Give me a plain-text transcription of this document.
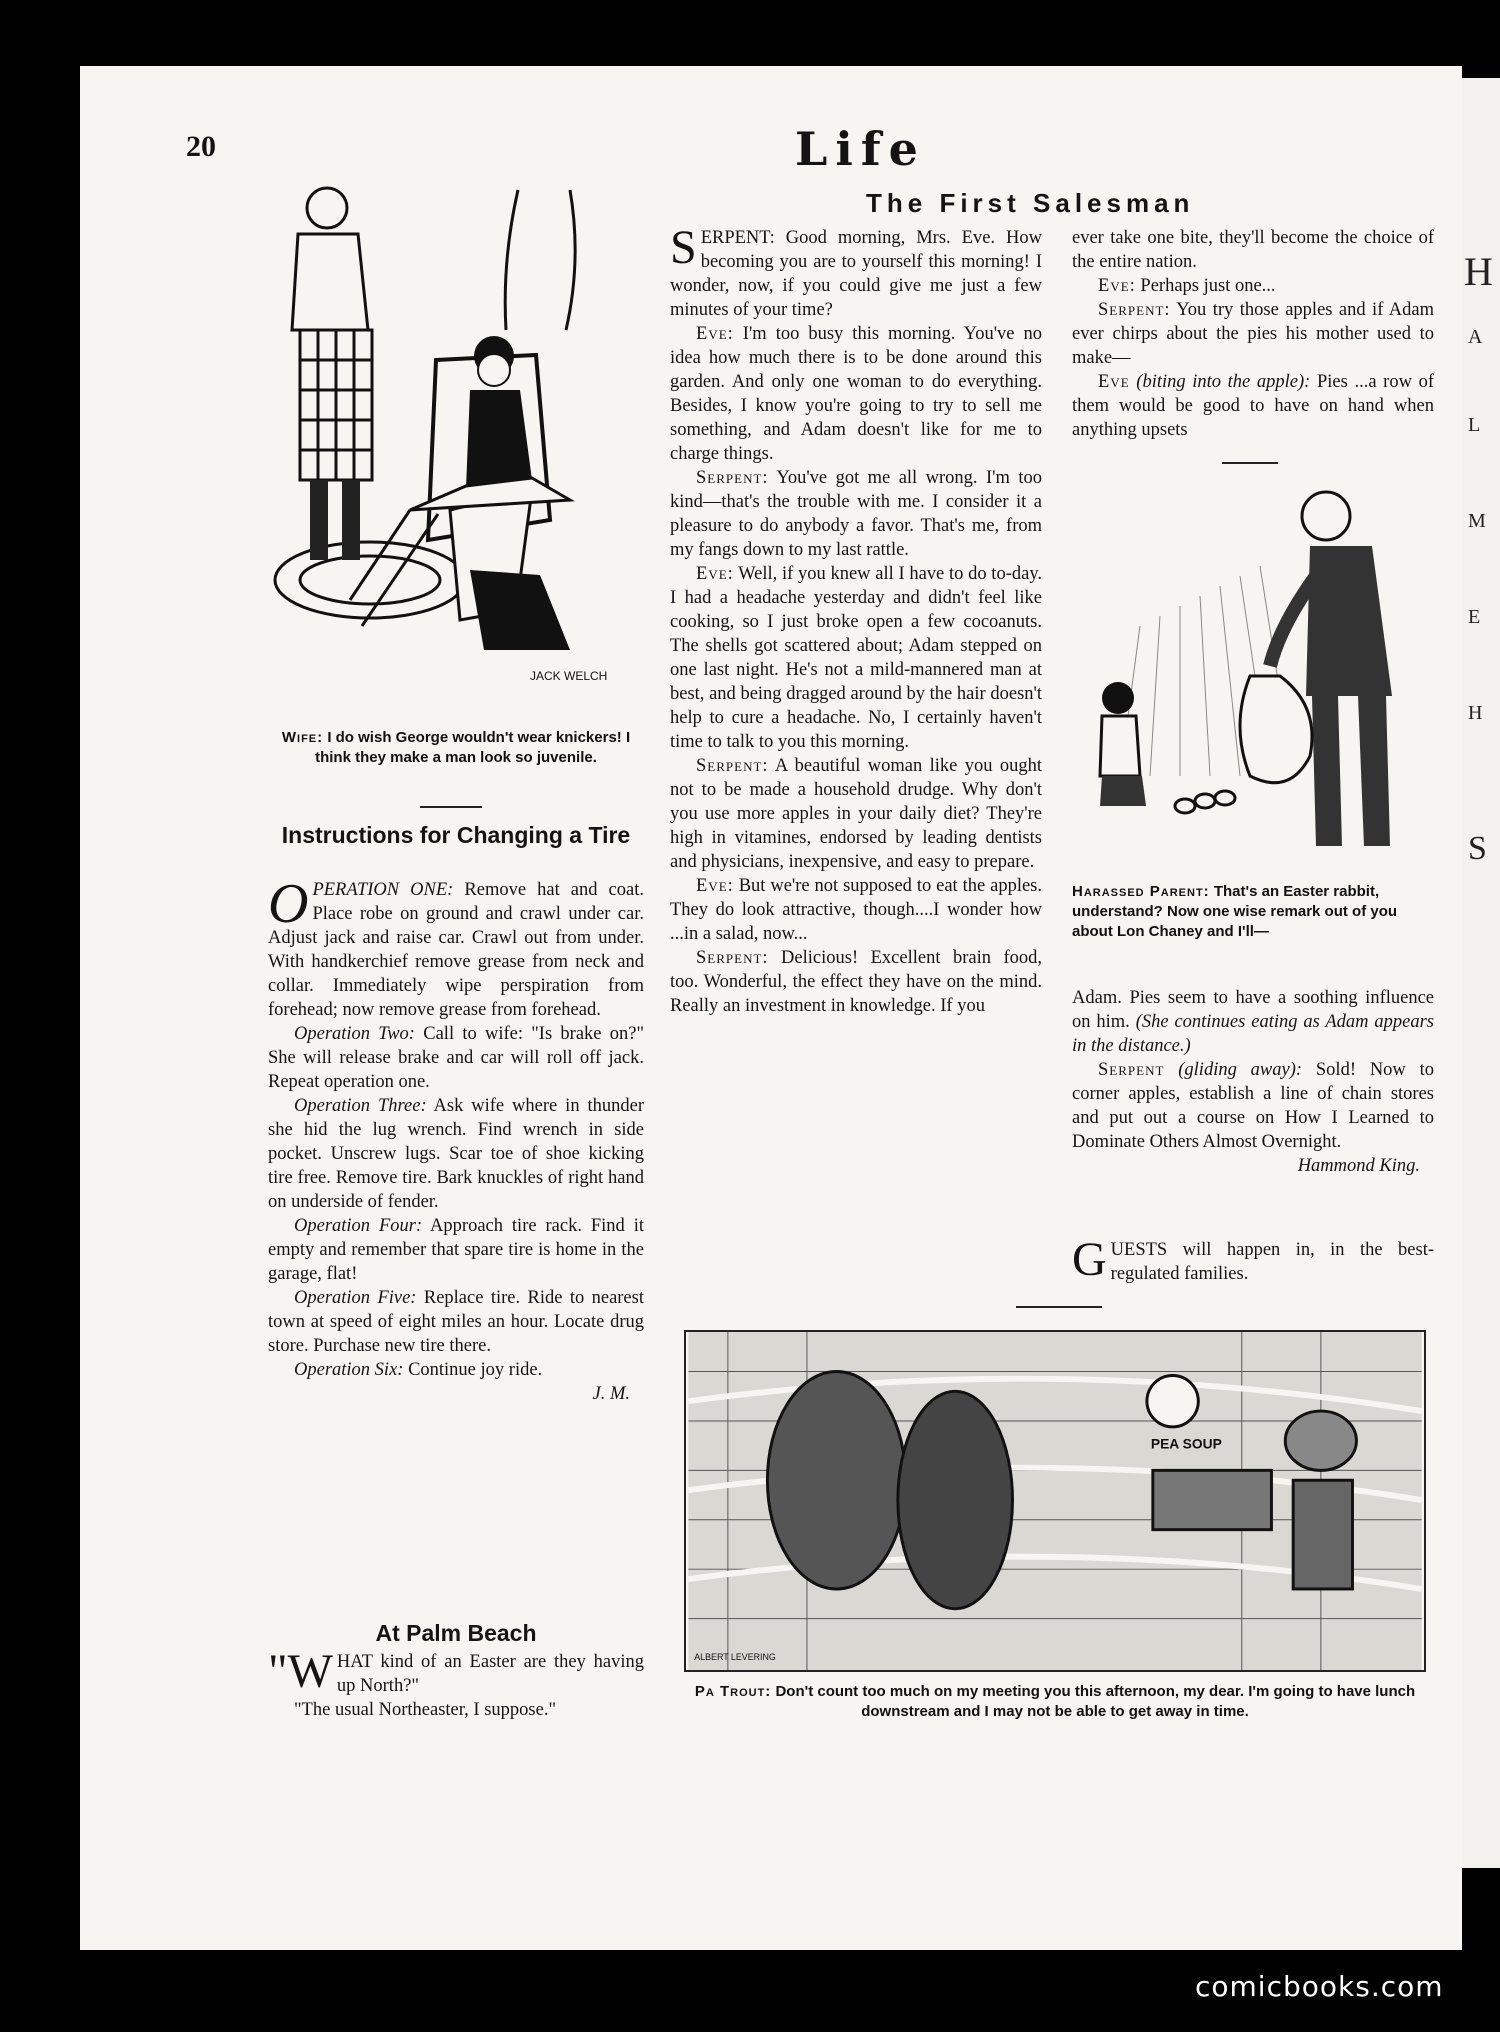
H
A
L
M
E
H
S
20	Life
JACK WELCH
Wife: I do wish George wouldn't wear knickers! I think they make a man look so juvenile.
Instructions for Changing a Tire

O PERATION ONE: Remove hat and coat. Place robe on ground and crawl under car. Adjust jack and raise car. Crawl out from under. With handkerchief remove grease from neck and collar. Immediately wipe perspiration from forehead; now remove grease from forehead.

Operation Two: Call to wife: "Is brake on?" She will release brake and car will roll off jack. Repeat operation one.

Operation Three: Ask wife where in thunder she hid the lug wrench. Find wrench in side pocket. Unscrew lugs. Scar toe of shoe kicking tire free. Remove tire. Bark knuckles of right hand on underside of fender.

Operation Four: Approach tire rack. Find it empty and remember that spare tire is home in the garage, flat!

Operation Five: Replace tire. Ride to nearest town at speed of eight miles an hour. Locate drug store. Purchase new tire there.

Operation Six: Continue joy ride.

J. M.

At Palm Beach

"W HAT kind of an Easter are they having up North?"

"The usual Northeaster, I suppose."

The First Salesman

S ERPENT: Good morning, Mrs. Eve. How becoming you are to yourself this morning! I wonder, now, if you could give me just a few minutes of your time?

Eve: I'm too busy this morning. You've no idea how much there is to be done around this garden. And only one woman to do everything. Besides, I know you're going to try to sell me something, and Adam doesn't like for me to charge things.

Serpent: You've got me all wrong. I'm too kind—that's the trouble with me. I consider it a pleasure to do anybody a favor. That's me, from my fangs down to my last rattle.

Eve: Well, if you knew all I have to do to-day. I had a headache yesterday and didn't feel like cooking, so I just broke open a few cocoanuts. The shells got scattered about; Adam stepped on one last night. He's not a mild-mannered man at best, and being dragged around by the hair doesn't help to cure a headache. No, I certainly haven't time to talk to you this morning.

Serpent: A beautiful woman like you ought not to be made a household drudge. Why don't you use more apples in your daily diet? They're high in vitamines, endorsed by leading dentists and physicians, inexpensive, and easy to prepare.

Eve: But we're not supposed to eat the apples. They do look attractive, though....I wonder how ...in a salad, now...

Serpent: Delicious! Excellent brain food, too. Wonderful, the effect they have on the mind. Really an investment in knowledge. If you

ever take one bite, they'll become the choice of the entire nation.

Eve: Perhaps just one...

Serpent: You try those apples and if Adam ever chirps about the pies his mother used to make—

Eve (biting into the apple): Pies ...a row of them would be good to have on hand when anything upsets

Harassed Parent: That's an Easter rabbit, understand? Now one wise remark out of you about Lon Chaney and I'll—

Adam. Pies seem to have a soothing influence on him. (She continues eating as Adam appears in the distance.)

Serpent (gliding away): Sold! Now to corner apples, establish a line of chain stores and put out a course on How I Learned to Dominate Others Almost Overnight.

Hammond King.

G UESTS will happen in, in the best-regulated families.

PEA SOUP
ALBERT LEVERING
Pa Trout: Don't count too much on my meeting you this afternoon, my dear. I'm going to have lunch downstream and I may not be able to get away in time.
comicbooks.com
